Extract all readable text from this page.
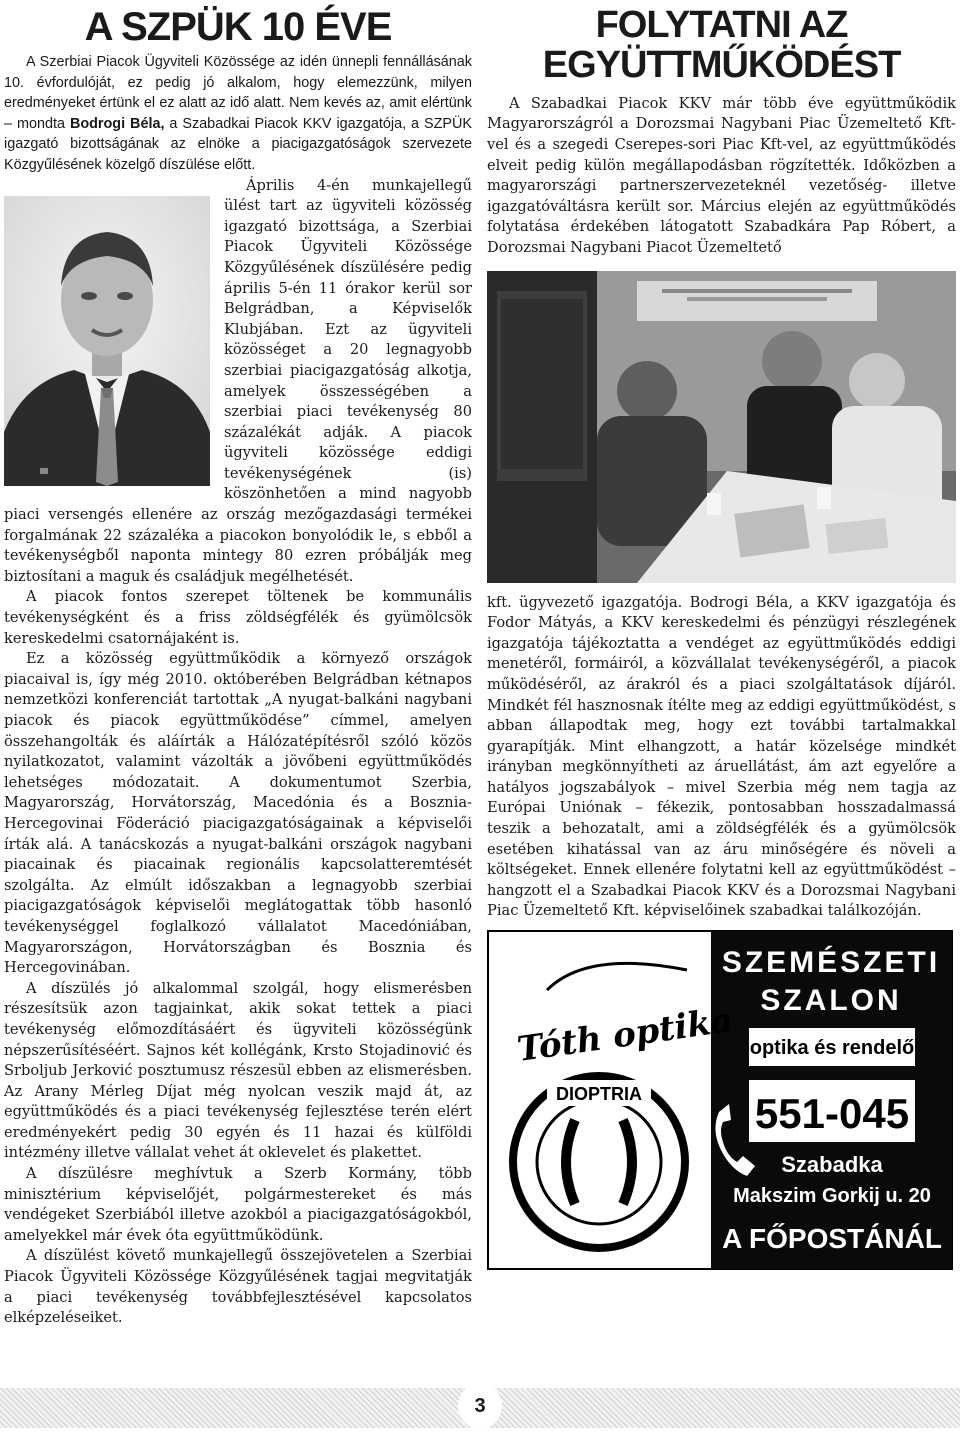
A SZPÜK 10 ÉVE

A Szerbiai Piacok Ügyviteli Közössége az idén ünnepli fennállásának 10. évfordulóját, ez pedig jó alkalom, hogy elemezzünk, milyen eredményeket értünk el ez alatt az idő alatt. Nem kevés az, amit elértünk – mondta Bodrogi Béla, a Szabadkai Piacok KKV igazgatója, a SZPÜK igazgató bizottságának az elnöke a piacigazgatóságok szervezete Közgyűlésének közelgő díszülése előtt.

Április 4-én munkajellegű ülést tart az ügyviteli közösség igazgató bizottsága, a Szerbiai Piacok Ügyviteli Közössége Közgyűlésének díszülésére pedig április 5-én 11 órakor kerül sor Belgrádban, a Képviselők Klubjában. Ezt az ügyviteli közösséget a 20 legnagyobb szerbiai piacigazgatóság alkotja, amelyek összességében a szerbiai piaci tevékenység 80 százalékát adják. A piacok ügyviteli közössége eddigi tevékenységének (is) köszönhetően a mind nagyobb piaci versengés ellenére az ország mezőgazdasági termékei forgalmának 22 százaléka a piacokon bonyolódik le, s ebből a tevékenységből naponta mintegy 80 ezren próbálják meg biztosítani a maguk és családjuk megélhetését.

A piacok fontos szerepet töltenek be kommunális tevékenységként és a friss zöldségfélék és gyümölcsök kereskedelmi csatornájaként is.

Ez a közösség együttműködik a környező országok piacaival is, így még 2010. októberében Belgrádban kétnapos nemzetközi konferenciát tartottak „A nyugat-balkáni nagybani piacok és piacok együttműködése” címmel, amelyen összehangolták és aláírták a Hálózatépítésről szóló közös nyilatkozatot, valamint vázolták a jövőbeni együttműködés lehetséges módozatait. A dokumentumot Szerbia, Magyarország, Horvátország, Macedónia és a Bosznia-Hercegovinai Föderáció piacigazgatóságainak a képviselői írták alá. A tanácskozás a nyugat-balkáni országok nagybani piacainak és piacainak regionális kapcsolatteremtését szolgálta. Az elmúlt időszakban a legnagyobb szerbiai piacigazgatóságok képviselői meglátogattak több hasonló tevékenységgel foglalkozó vállalatot Macedóniában, Magyarországon, Horvátországban és Bosznia és Hercegovinában.

A díszülés jó alkalommal szolgál, hogy elismerésben részesítsük azon tagjainkat, akik sokat tettek a piaci tevékenység előmozdításáért és ügyviteli közösségünk népszerűsítéséért. Sajnos két kollégánk, Krsto Stojadinović és Srboljub Jerković posztumusz részesül ebben az elismerésben. Az Arany Mérleg Díjat még nyolcan veszik majd át, az együttműködés és a piaci tevékenység fejlesztése terén elért eredményekért pedig 30 egyén és 11 hazai és külföldi intézmény illetve vállalat vehet át oklevelet és plakettet.

A díszülésre meghívtuk a Szerb Kormány, több minisztérium képviselőjét, polgármestereket és más vendégeket Szerbiából illetve azokból a piacigazgatóságokból, amelyekkel már évek óta együttműködünk.

A díszülést követő munkajellegű összejövetelen a Szerbiai Piacok Ügyviteli Közössége Közgyűlésének tagjai megvitatják a piaci tevékenység továbbfejlesztésével kapcsolatos elképzeléseiket.

FOLYTATNI AZ
EGYÜTTMŰKÖDÉST

A Szabadkai Piacok KKV már több éve együttműködik Magyarországról a Dorozsmai Nagybani Piac Üzemeltető Kft-vel és a szegedi Cserepes-sori Piac Kft-vel, az együttműködés elveit pedig külön megállapodásban rögzítették. Időközben a magyarországi partnerszervezeteknél vezetőség- illetve igazgatóváltásra került sor. Március elején az együttműködés folytatása érdekében látogatott Szabadkára Pap Róbert, a Dorozsmai Nagybani Piacot Üzemeltető

kft. ügyvezető igazgatója. Bodrogi Béla, a KKV igazgatója és Fodor Mátyás, a KKV kereskedelmi és pénzügyi részlegének igazgatója tájékoztatta a vendéget az együttműködés eddigi menetéről, formáiról, a közvállalat tevékenységéről, a piacok működéséről, az árakról és a piaci szolgáltatások díjáról. Mindkét fél hasznosnak ítélte meg az eddigi együttműködést, s abban állapodtak meg, hogy ezt további tartalmakkal gyarapítják. Mint elhangzott, a határ közelsége mindkét irányban megkönnyítheti az áruellátást, ám azt egyelőre a hatályos jogszabályok – mivel Szerbia még nem tagja az Európai Uniónak – fékezik, pontosabban hosszadalmassá teszik a behozatalt, ami a zöldségfélék és a gyümölcsök esetében kihatással van az áru minőségére és növeli a költségeket. Ennek ellenére folytatni kell az együttműködést – hangzott el a Szabadkai Piacok KKV és a Dorozsmai Nagybani Piac Üzemeltető Kft. képviselőinek szabadkai találkozóján.

SZEMÉSZETI
SZALON
optika és rendelő
551-045
Szabadka
Makszim Gorkij u. 20
A FŐPOSTÁNÁL
Tóth optika
DIOPTRIA
3
